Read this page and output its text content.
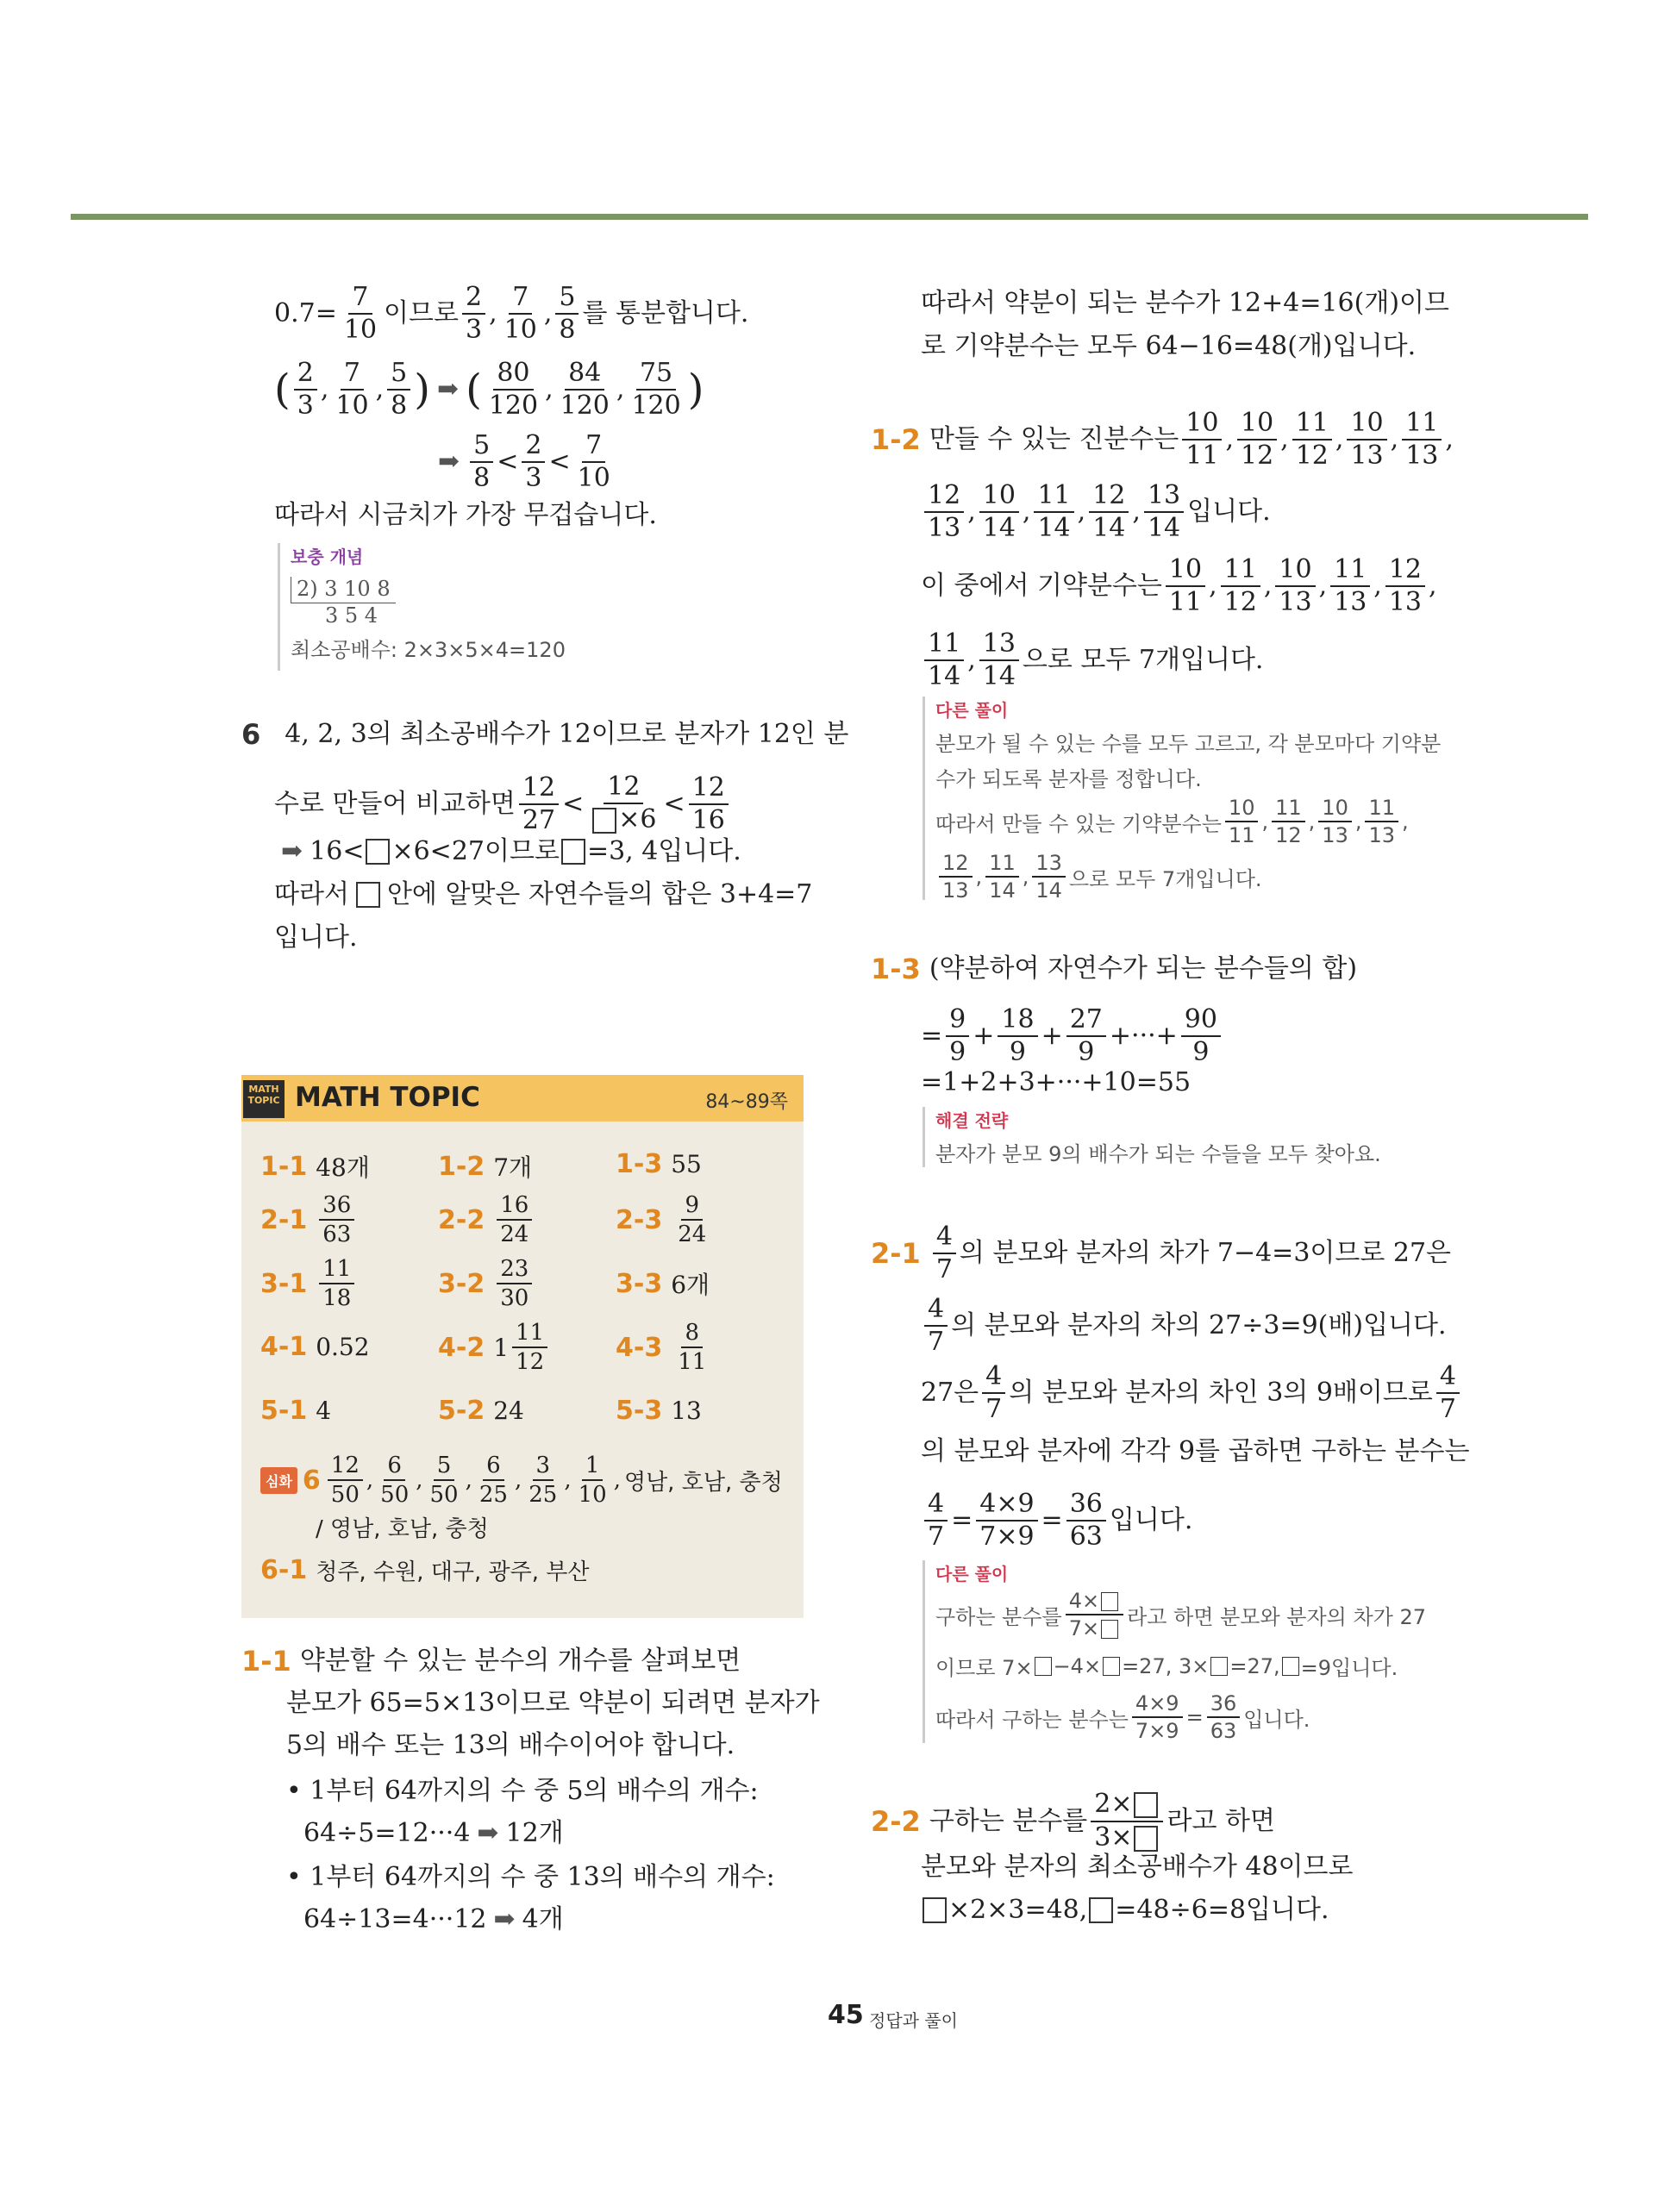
$0.7= \frac{7}{10}$ 이므로 $\frac{2}{3}$ , $\frac{7}{10}$ , $\frac{5}{8}$ 를 통분합니다.
( $\frac{2}{3}$ , $\frac{7}{10}$ , $\frac{5}{8}$ ) ➡ ( $\frac{80}{120}$ , $\frac{84}{120}$ , $\frac{75}{120}$ )
➡ $\frac{5}{8} < \frac{2}{3} < \frac{7}{10}$
따라서 시금치가 가장 무겁습니다.
보충 개념
2) 3 10 8
3 5 4
최소공배수: 2×3×5×4=120
6 4, 2, 3의 최소공배수가 12이므로 분자가 12인 분
수로 만들어 비교하면 $\frac{12}{27} < \frac{12}{\times 6} < \frac{12}{16}$
➡ 16< ×6<27이므로 =3, 4입니다.
따라서 안에 알맞은 자연수들의 합은 3+4=7
입니다.
MATH TOPIC MATH TOPIC	84~89쪽
1-1 48개	1-2 7개	1-3 55
$2-1 \frac{36}{63}$	$2-2 \frac{16}{24}$	$2-3 \frac{9}{24}$
$3-1 \frac{11}{18}$	$3-2 \frac{23}{30}$	3-3 6개
4-1 0.52	4-2 $1 \frac{11}{12}$	$4-3 \frac{8}{11}$
5-1 4	5-2 24	5-3 13
심화 $6 \frac{12}{50}$ , $\frac{6}{50}$ , $\frac{5}{50}$ , $\frac{6}{25}$ , $\frac{3}{25}$ , $\frac{1}{10}$ , 영남, 호남, 충청
/ 영남, 호남, 충청
6-1 청주, 수원, 대구, 광주, 부산
1-1 약분할 수 있는 분수의 개수를 살펴보면
분모가 65=5×13이므로 약분이 되려면 분자가
5의 배수 또는 13의 배수이어야 합니다.
• 1부터 64까지의 수 중 5의 배수의 개수:
64÷5=12···4 ➡ 12개
• 1부터 64까지의 수 중 13의 배수의 개수:
64÷13=4···12 ➡ 4개
따라서 약분이 되는 분수가 12+4=16(개)이므
로 기약분수는 모두 64−16=48(개)입니다.
1-2 만들 수 있는 진분수는 $\frac{10}{11}$ , $\frac{10}{12}$ , $\frac{11}{12}$ , $\frac{10}{13}$ , $\frac{11}{13}$ ,
$\frac{12}{13}$ , $\frac{10}{14}$ , $\frac{11}{14}$ , $\frac{12}{14}$ , $\frac{13}{14}$ 입니다.
이 중에서 기약분수는 $\frac{10}{11}$ , $\frac{11}{12}$ , $\frac{10}{13}$ , $\frac{11}{13}$ , $\frac{12}{13}$ ,
$\frac{11}{14}$ , $\frac{13}{14}$ 으로 모두 7개입니다.
다른 풀이
분모가 될 수 있는 수를 모두 고르고, 각 분모마다 기약분
수가 되도록 분자를 정합니다.
따라서 만들 수 있는 기약분수는 $\frac{10}{11}$ , $\frac{11}{12}$ , $\frac{10}{13}$ , $\frac{11}{13}$ ,
$\frac{12}{13}$ , $\frac{11}{14}$ , $\frac{13}{14}$ 으로 모두 7개입니다.
1-3 (약분하여 자연수가 되는 분수들의 합)
= $\frac{9}{9} + \frac{18}{9} + \frac{27}{9}$ +···+ $\frac{90}{9}$
=1+2+3+···+10=55
해결 전략
분자가 분모 9의 배수가 되는 수들을 모두 찾아요.
$2-1 \frac{4}{7}$ 의 분모와 분자의 차가 7−4=3이므로 27은
$\frac{4}{7}$ 의 분모와 분자의 차의 27÷3=9(배)입니다.
27은 $\frac{4}{7}$ 의 분모와 분자의 차인 3의 9배이므로 $\frac{4}{7}$
의 분모와 분자에 각각 9를 곱하면 구하는 분수는
$\frac{4}{7} = \frac{4\times 9}{7\times 9} = \frac{36}{63}$ 입니다.
다른 풀이
구하는 분수를 $\frac{4\times}{7\times}$ 라고 하면 분모와 분자의 차가 27
이므로 7× −4× =27, 3× =27, =9입니다.
따라서 구하는 분수는 $\frac{4\times 9}{7\times 9} = \frac{36}{63}$ 입니다.
2-2 구하는 분수를 $\frac{2\times}{3\times}$ 라고 하면
분모와 분자의 최소공배수가 48이므로
×2×3=48, =48÷6=8입니다.
45 정답과 풀이
